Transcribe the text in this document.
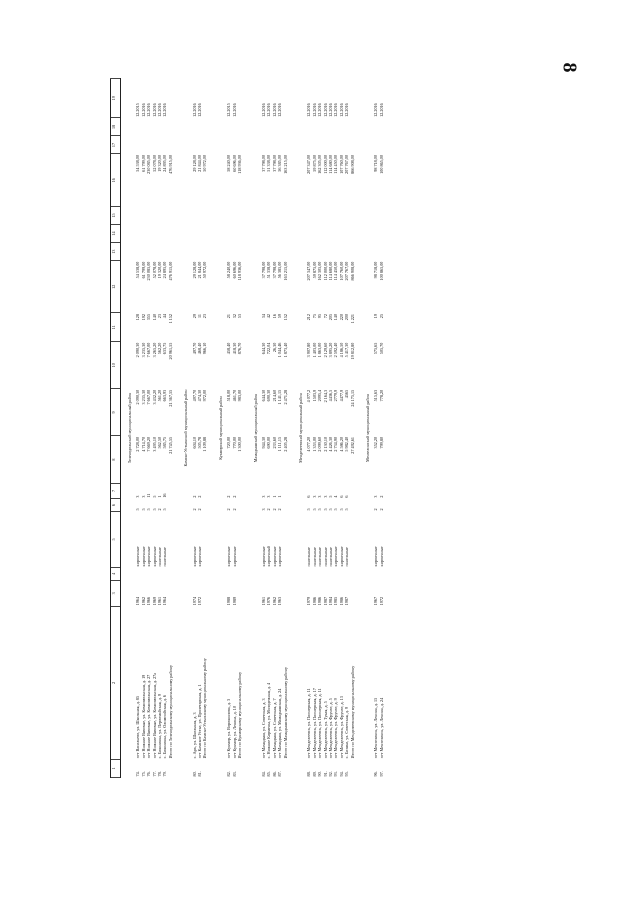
8
1	2	3	4	5	6	7	8	9	10	11	12	13	14	15	16	17	18	19
Зеленодольский муниципальный район																		
74.	пгт Васильево, ул. Школьная, д. 85	1964		кирпичные	5	3	2 728,00	2 090,30	2 090,30	128	54 538,00				54 538,00			12.2015
75.	пгт Нижние Вязовые, ул. Комсомольская, д. 19	1962		кирпичные	5	3	4 714,70	3 235,30	3 235,30	192	61 799,00				61 799,00			12.2016
76.	пгт Нижние Вязовые, ул. Комсомольская, д. 27	1966		кирпичные	5	11	7 669,20	7 667,00	7 667,00	355	230 085,00				230 085,00			12.2016
77.	пгт Нижние Вязовые, ул. Комсомольская, д. 27а	1969		кирпичные	5	5	3 495,10	3 432,20	3 265,20	140	52 078,00				52 078,00			12.2016
78.	с. Бишнинка, ул. Первомайская, д. 9	1961		панельные	2	1	562,50	561,20	562,20	23	19 320,00				19 320,00			12.2016
79.	с. Бишнинка, ул. Олимпийская, д. 6	1964		панельные	5	16	585,75	663,93	633,75	44	24 895,00				24 895,00			12.2016
	Итого по Зеленодольскому муниципальному району						21 745,55	21 367,55	20 961,55	1 152	476 915,00				476 915,00			
Камско-Устьинский муниципальный район																		
80.	с. Арх, ул. Школьная, д. 3	1974		кирпичные	2	2	604,10	497,70	497,70	29	29 128,00				29 128,00			12.2016
81.	пгт Камское Устье, ул. Пролетарская, д. 1	1972		кирпичные	2	2	505,78	474,30	468,40	11	21 844,00				21 844,00			12.2016
	Итого по Камско-Устьинскому муниципальному району						1 109,88	972,00	966,10	23	50 972,00				50 972,00			
Кукморский муниципальный район																		
82.	пгт Кукмор, ул. Ворошилова, д. 3	1988		кирпичные	2	2	720,00	518,00	458,40	21	58 240,00				58 240,00			12.2015
83.	пгт Кукмор, ул. Ленина, д. 10	1989		кирпичные	2	2	770,00	461,70	418,30	32	60 696,00				60 696,00			12.2016
	Итого по Кукморскому муниципальному району						1 300,00	983,00	876,70	53	118 936,00				118 936,00			
Мамадышский муниципальный район																		
84.	пгт Мамадыш, ул. Советская, д. 3	1961		кирпичные	3	3	944,30	644,30	644,30	34	37 798,00				37 798,00			12.2016
85.	с. Нижние Кирмены, ул. Молодежная, д. 4	1976		кирпичный	2	3	690,00	690,30	722,04	42	51 338,00				51 338,00			12.2016
86.	пгт Мамадыш, ул. Советская, д. 7	1962		кирпичные	2	1	233,60	214,60	26,30	16	37 798,00				37 798,00			12.2016
87.	пгт Мамадыш, ул. Мамадышская, д. 24	1963		кирпичные	2	1	1 111,15	1 141,15	1 044,46	59	56 385,00				56 385,00			12.2016
	Итого по Мамадышскому муниципальному району						2 405,28	2 471,28	1 873,40	152	163 215,00				163 215,00			
Менделеевский муниципальный район																		
88.	пгт Менделеевск, ул. Пионерская, д. 11	1979		панельные	5	6	4 077,20	4 077,2	3 907,80	212	207 347,00				207 347,00			12.2016
89.	пгт Менделеевск, ул. Пионерская, д. 17	1986		панельные	5	3	1 353,00	1503,9	1 403,00	75	59 875,00				59 875,00			12.2016
90.	пгт Менделеевск, ул. Пионерская, д. 11	1986		панельные	5	3	2 099,60	2095,4	1 863,00	95	162 305,00				162 305,00			12.2016
91.	пгт Менделеевск, ул. Тукая, д. 5	1987		панельные	5	3	2 130,10	2 164,3	2 129,60	72	112 000,00				112 000,00			12.2016
92.	пгт Менделеевск, ул. Фрунзе, д. 5	1984		панельные	5	5	4 426,30	4436,5	3 895,20	205	114 680,00				114 680,00			12.2016
93.	пгт Менделеевск, ул. Фрунзе, д. 9	1985		кирпичные	5	4	2 734,90	2779,9	2 592,40	140	114 450,00				114 450,00			12.2016
94.	пгт Менделеевск, ул. Фрунзе, д. 13	1986		кирпичные	5	6	4 586,20	4477,9	4 186,50	220	107 760,00				107 760,00			12.2016
95.	с. Бизяки, ул. Советская, д. 9	1987		панельные	5	6	5 982,40	4565	5 417,30	200	207 767,00				207 767,00			12.2016
	Итого по Менделеевскому муниципальному району						27 492,61	24 175,15	19 812,80	1 221	866 908,00				866 908,00			
Мензелинский муниципальный район																		
96.	пгт Мензелинск, ул. Ленина, д. 15	1967		кирпичные	2	3	352,20	515,63	575,65	19	98 718,00				98 718,00			12.2016
97.	пгт Мензелинск, ул. Ленина, д. 24	1972		кирпичные	2	2	799,80	778,20	505,70	25	100 865,00				100 865,00			12.2016
